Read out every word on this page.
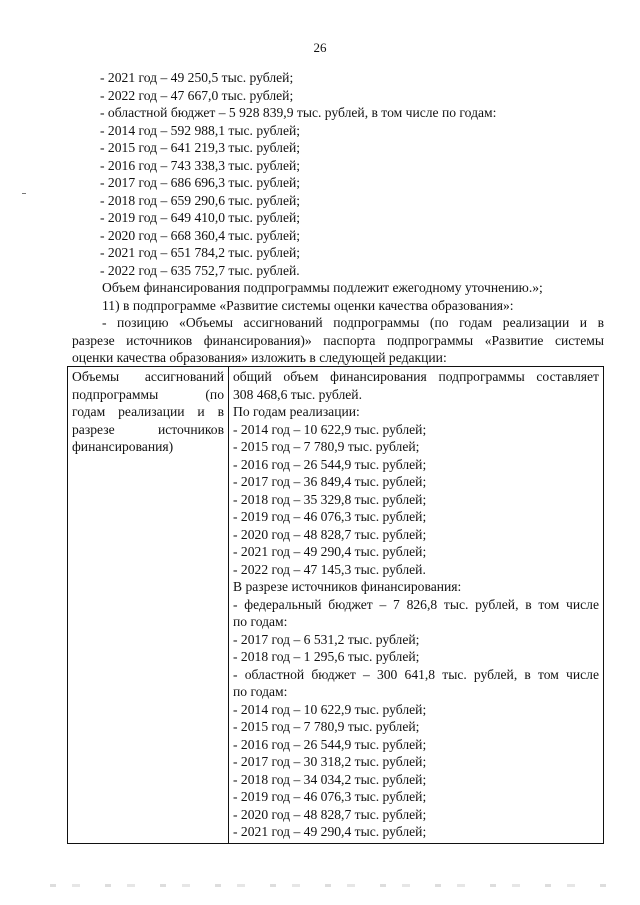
26
- 2021 год – 49 250,5 тыс. рублей;
- 2022 год – 47 667,0 тыс. рублей;
- областной бюджет – 5 928 839,9 тыс. рублей, в том числе по годам:
- 2014 год – 592 988,1 тыс. рублей;
- 2015 год – 641 219,3 тыс. рублей;
- 2016 год – 743 338,3 тыс. рублей;
- 2017 год – 686 696,3 тыс. рублей;
- 2018 год – 659 290,6 тыс. рублей;
- 2019 год – 649 410,0 тыс. рублей;
- 2020 год – 668 360,4 тыс. рублей;
- 2021 год – 651 784,2 тыс. рублей;
- 2022 год – 635 752,7 тыс. рублей.
Объем финансирования подпрограммы подлежит ежегодному уточнению.»;
11) в подпрограмме «Развитие системы оценки качества образования»:
- позицию «Объемы ассигнований подпрограммы (по годам реализации и в
разрезе источников финансирования)» паспорта подпрограммы «Развитие системы
оценки качества образования» изложить в следующей редакции:
Объемы ассигнований
подпрограммы (по
годам реализации и в
разрезе источников
финансирования)

общий объем финансирования подпрограммы составляет
308 468,6 тыс. рублей.
По годам реализации:
- 2014 год – 10 622,9 тыс. рублей;
- 2015 год – 7 780,9 тыс. рублей;
- 2016 год – 26 544,9 тыс. рублей;
- 2017 год – 36 849,4 тыс. рублей;
- 2018 год – 35 329,8 тыс. рублей;
- 2019 год – 46 076,3 тыс. рублей;
- 2020 год – 48 828,7 тыс. рублей;
- 2021 год – 49 290,4 тыс. рублей;
- 2022 год – 47 145,3 тыс. рублей.
В разрезе источников финансирования:
- федеральный бюджет – 7 826,8 тыс. рублей, в том числе
по годам:
- 2017 год – 6 531,2 тыс. рублей;
- 2018 год – 1 295,6 тыс. рублей;
- областной бюджет – 300 641,8 тыс. рублей, в том числе
по годам:
- 2014 год – 10 622,9 тыс. рублей;
- 2015 год – 7 780,9 тыс. рублей;
- 2016 год – 26 544,9 тыс. рублей;
- 2017 год – 30 318,2 тыс. рублей;
- 2018 год – 34 034,2 тыс. рублей;
- 2019 год – 46 076,3 тыс. рублей;
- 2020 год – 48 828,7 тыс. рублей;
- 2021 год – 49 290,4 тыс. рублей;
